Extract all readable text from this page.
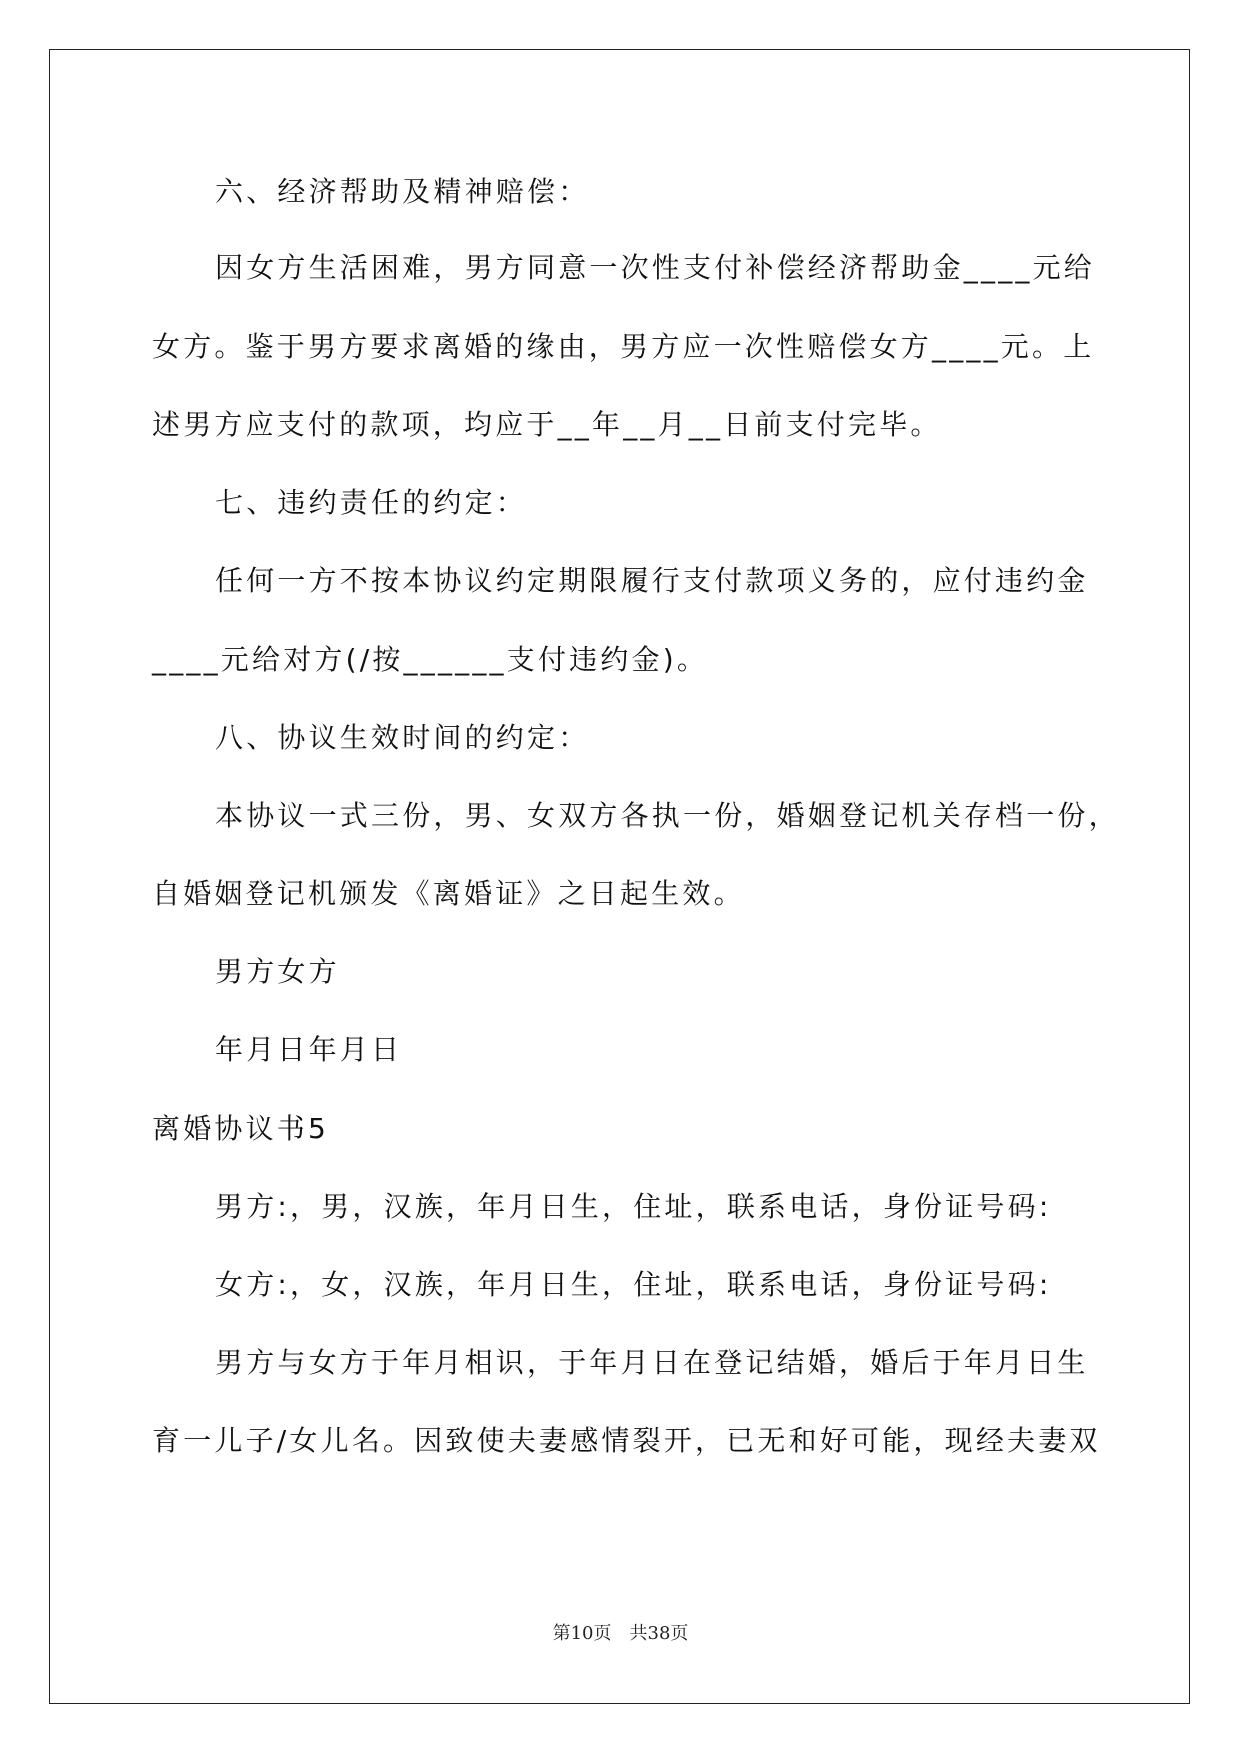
六、经济帮助及精神赔偿：
因女方生活困难，男方同意一次性支付补偿经济帮助金____元给
女方。鉴于男方要求离婚的缘由，男方应一次性赔偿女方____元。上
述男方应支付的款项，均应于__年__月__日前支付完毕。
七、违约责任的约定：
任何一方不按本协议约定期限履行支付款项义务的，应付违约金
____元给对方(/按______支付违约金)。
八、协议生效时间的约定：
本协议一式三份，男、女双方各执一份，婚姻登记机关存档一份，
自婚姻登记机颁发《离婚证》之日起生效。
男方女方
年月日年月日
离婚协议书5
男方:，男，汉族，年月日生，住址，联系电话，身份证号码:
女方:，女，汉族，年月日生，住址，联系电话，身份证号码:
男方与女方于年月相识，于年月日在登记结婚，婚后于年月日生
育一儿子/女儿名。因致使夫妻感情裂开，已无和好可能，现经夫妻双
第10页　共38页
